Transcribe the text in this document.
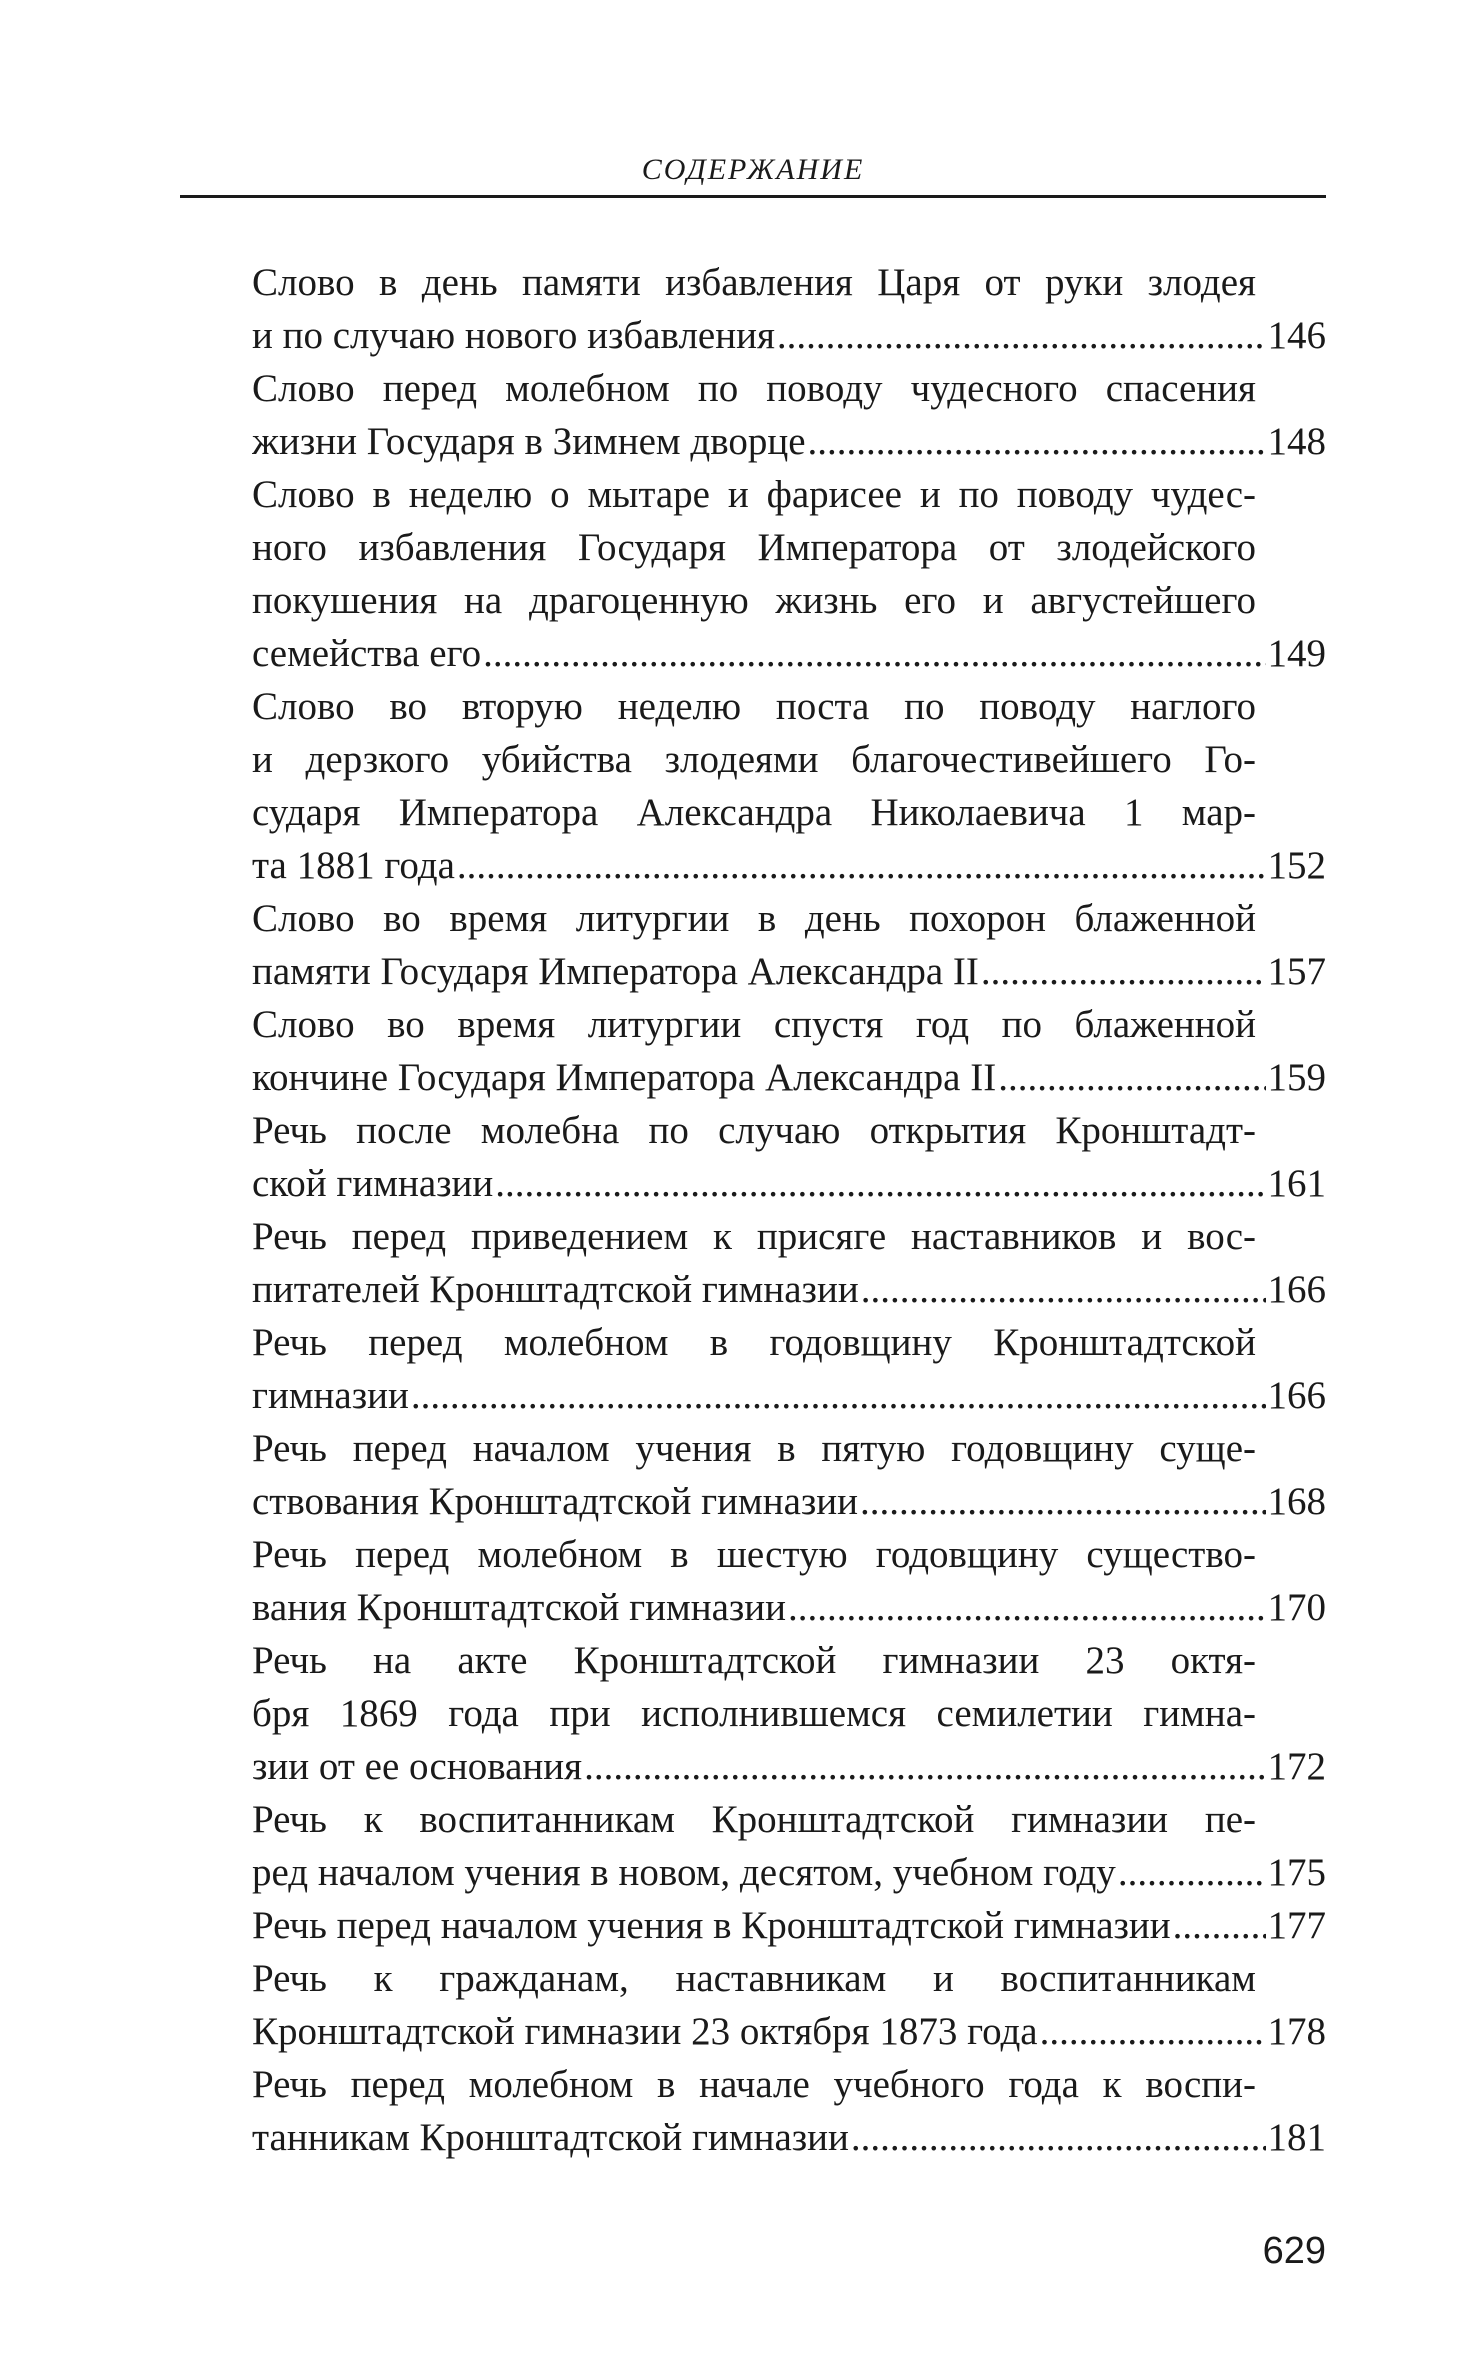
СОДЕРЖАНИЕ
Слово в день памяти избавления Царя от руки злодея
и по случаю нового избавления .....	146
Слово перед молебном по поводу чудесного спасения
жизни Государя в Зимнем дворце .....	148
Слово в неделю о мытаре и фарисее и по поводу чудес-
ного избавления Государя Императора от злодейского
покушения на драгоценную жизнь его и августейшего
семейства его .....	149
Слово во вторую неделю поста по поводу наглого
и дерзкого убийства злодеями благочестивейшего Го-
сударя Императора Александра Николаевича 1 мар-
та 1881 года .....	152
Слово во время литургии в день похорон блаженной
памяти Государя Императора Александра II .....	157
Слово во время литургии спустя год по блаженной
кончине Государя Императора Александра II .....	159
Речь после молебна по случаю открытия Кронштадт-
ской гимназии .....	161
Речь перед приведением к присяге наставников и вос-
питателей Кронштадтской гимназии .....	166
Речь перед молебном в годовщину Кронштадтской
гимназии .....	166
Речь перед началом учения в пятую годовщину суще-
ствования Кронштадтской гимназии .....	168
Речь перед молебном в шестую годовщину существо-
вания Кронштадтской гимназии .....	170
Речь на акте Кронштадтской гимназии 23 октя-
бря 1869 года при исполнившемся семилетии гимна-
зии от ее основания .....	172
Речь к воспитанникам Кронштадтской гимназии пе-
ред началом учения в новом, десятом, учебном году .....	175
Речь перед началом учения в Кронштадтской гимназии ..... 177
Речь к гражданам, наставникам и воспитанникам
Кронштадтской гимназии 23 октября 1873 года .....	178
Речь перед молебном в начале учебного года к воспи-
танникам Кронштадтской гимназии .....	181
629
